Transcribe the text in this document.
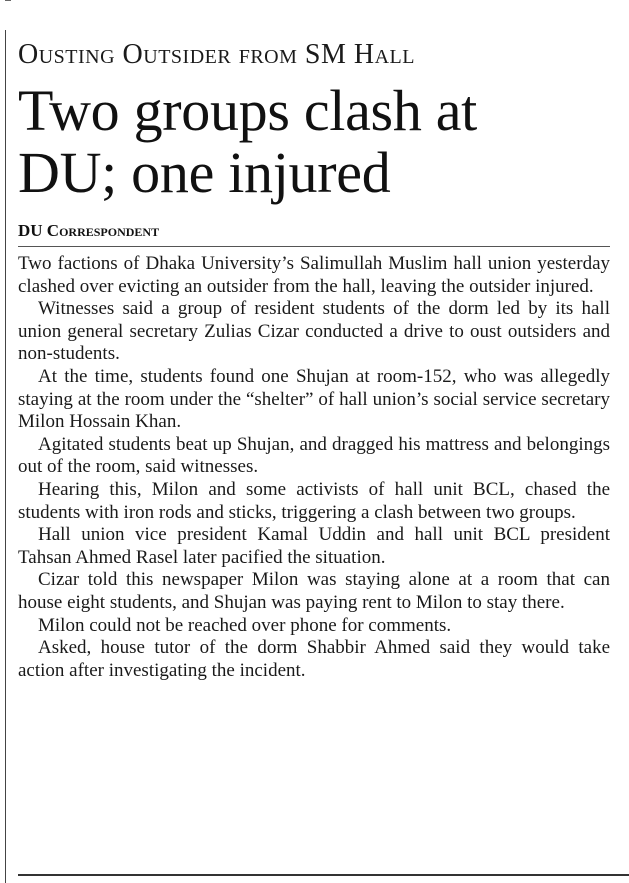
Ousting Outsider from SM Hall
Two groups clash at
DU; one injured
DU Correspondent

Two factions of Dhaka University’s Salimullah Muslim hall union yesterday clashed over evicting an outsider from the hall, leaving the outsider injured.

Witnesses said a group of resident students of the dorm led by its hall union general secretary Zulias Cizar conducted a drive to oust outsiders and non-students.

At the time, students found one Shujan at room-152, who was allegedly staying at the room under the “shelter” of hall union’s social service secretary Milon Hossain Khan.

Agitated students beat up Shujan, and dragged his mattress and belongings out of the room, said witnesses.

Hearing this, Milon and some activists of hall unit BCL, chased the students with iron rods and sticks, triggering a clash between two groups.

Hall union vice president Kamal Uddin and hall unit BCL president Tahsan Ahmed Rasel later pacified the situation.

Cizar told this newspaper Milon was staying alone at a room that can house eight students, and Shujan was paying rent to Milon to stay there.

Milon could not be reached over phone for comments.

Asked, house tutor of the dorm Shabbir Ahmed said they would take action after investigating the incident.
